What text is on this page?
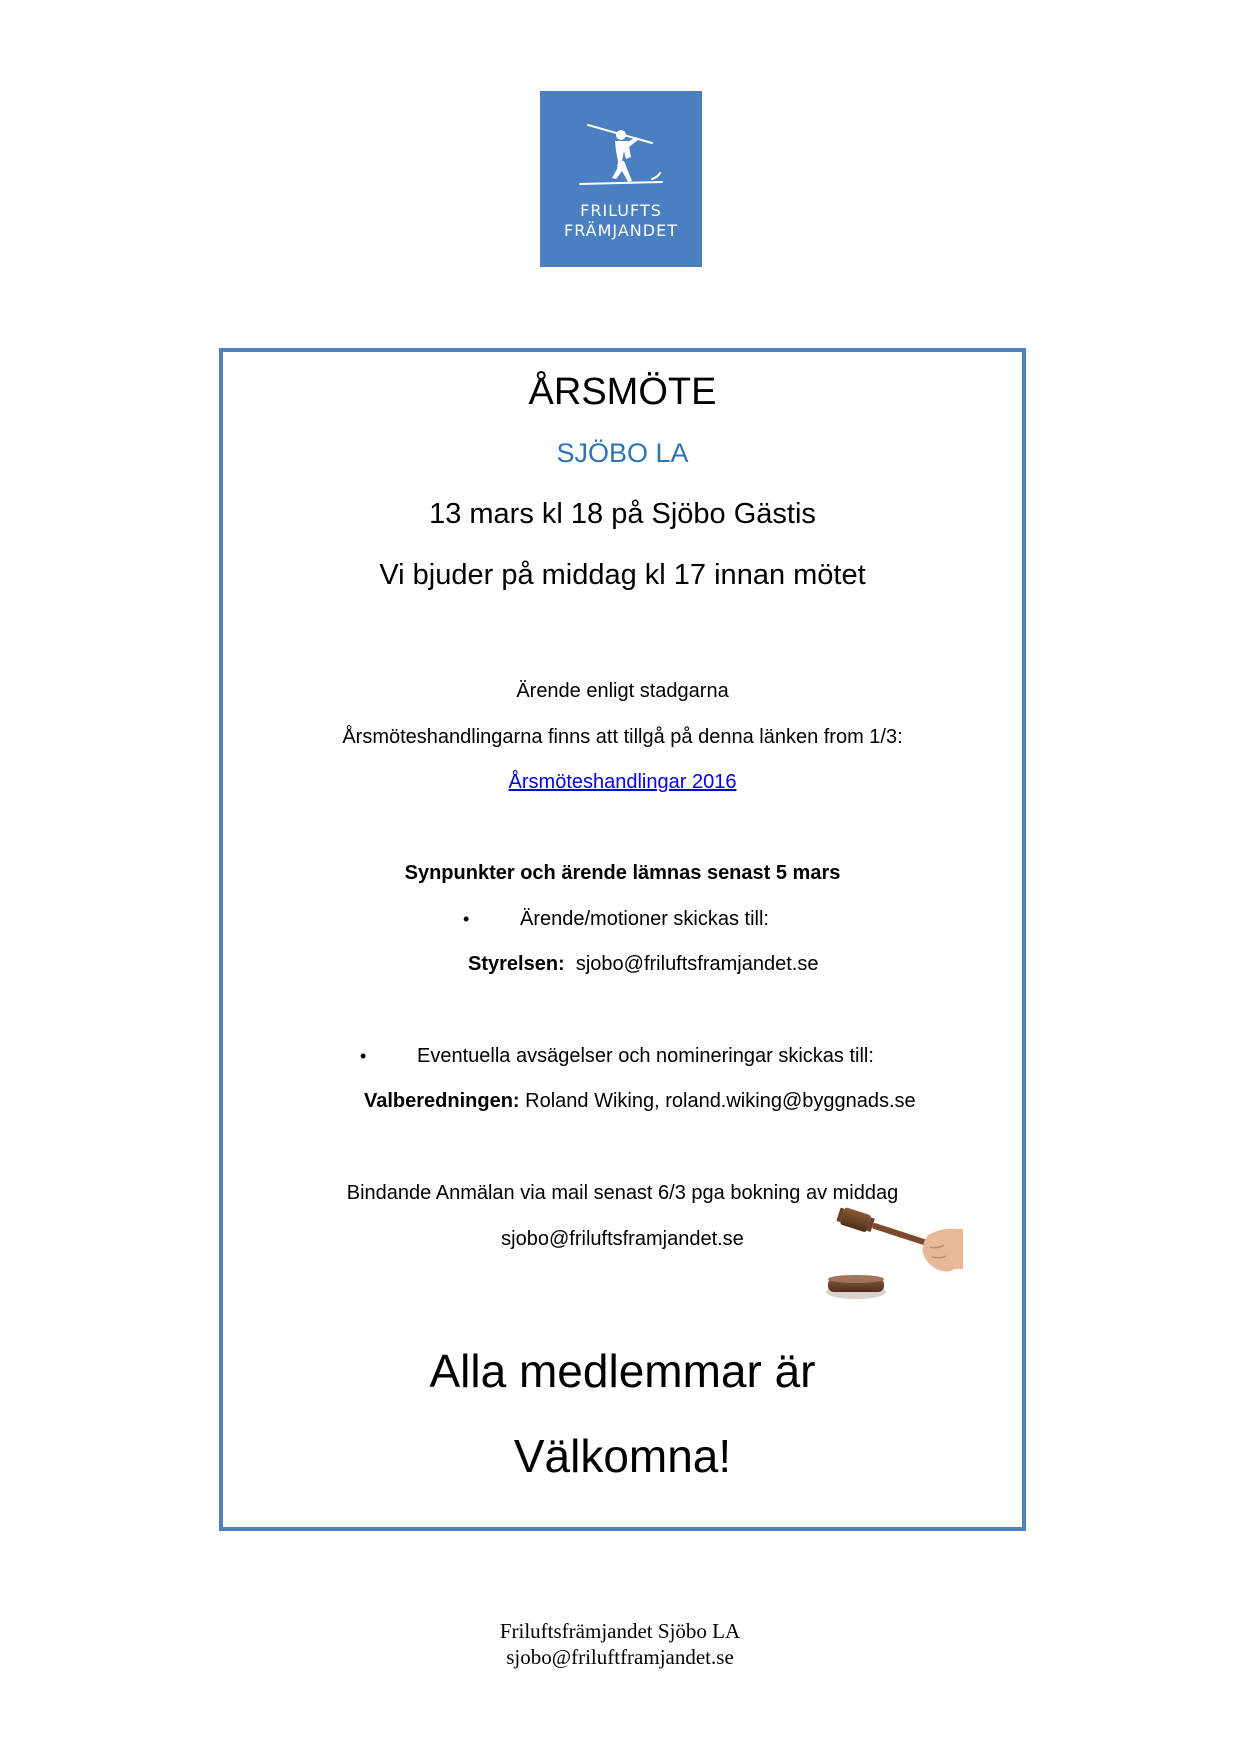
FRILUFTS
FRÄMJANDET
ÅRSMÖTE
SJÖBO LA
13 mars kl 18 på Sjöbo Gästis
Vi bjuder på middag kl 17 innan mötet
Ärende enligt stadgarna
Årsmöteshandlingarna finns att tillgå på denna länken from 1/3:
Årsmöteshandlingar 2016
Synpunkter och ärende lämnas senast 5 mars
•	Ärende/motioner skickas till:
Styrelsen: sjobo@friluftsframjandet.se
•	Eventuella avsägelser och nomineringar skickas till:
Valberedningen: Roland Wiking, roland.wiking@byggnads.se
Bindande Anmälan via mail senast 6/3 pga bokning av middag
sjobo@friluftsframjandet.se
Alla medlemmar är
Välkomna!
Friluftsfrämjandet Sjöbo LA
sjobo@friluftframjandet.se
